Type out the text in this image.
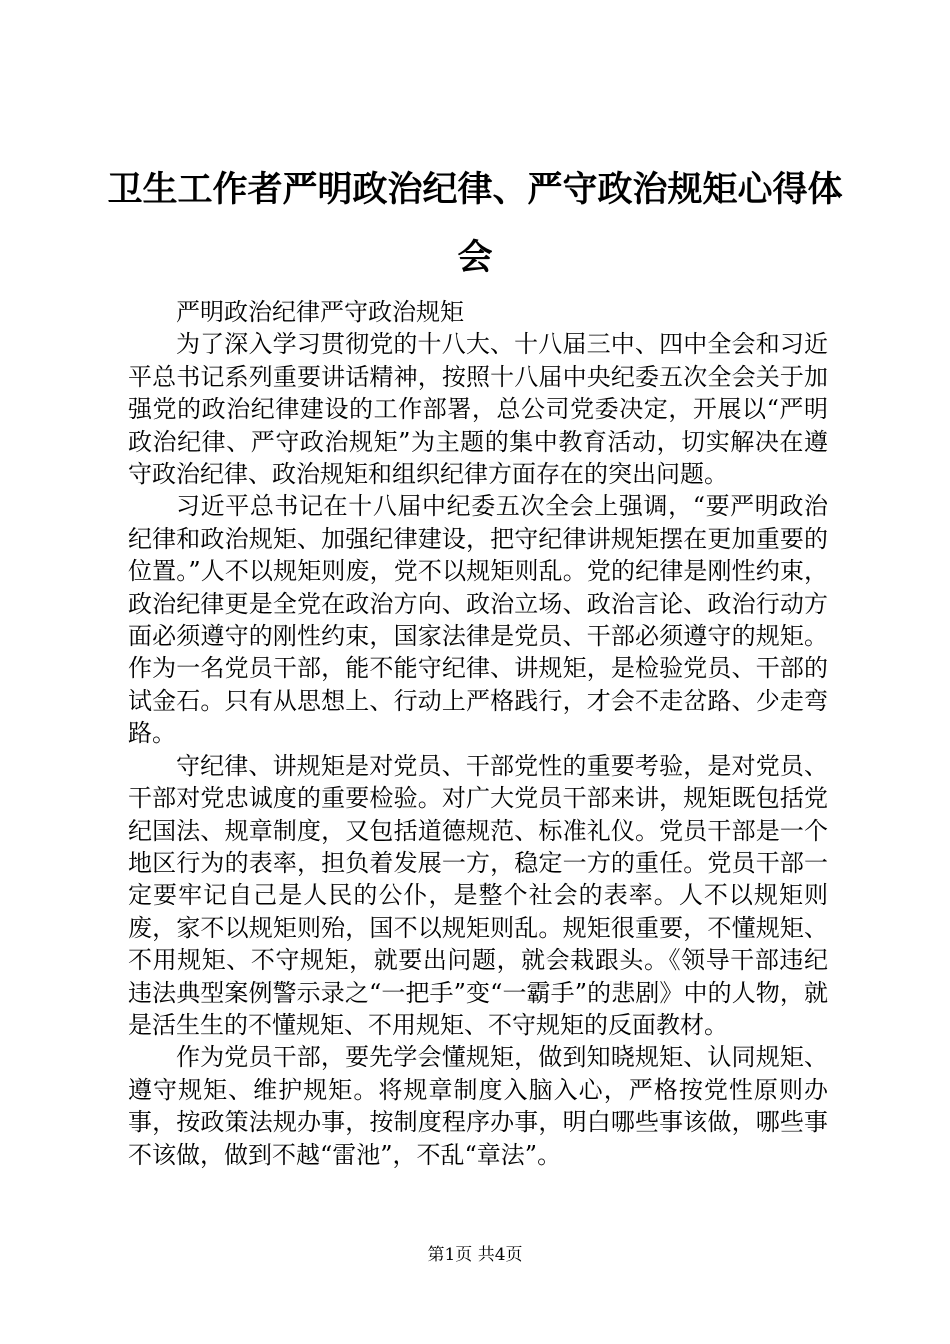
卫生工作者严明政治纪律、严守政治规矩心得体会

严明政治纪律严守政治规矩

为了深入学习贯彻党的十八大、十八届三中、四中全会和习近平总书记系列重要讲话精神，按照十八届中央纪委五次全会关于加强党的政治纪律建设的工作部署，总公司党委决定，开展以“严明政治纪律、严守政治规矩”为主题的集中教育活动，切实解决在遵守政治纪律、政治规矩和组织纪律方面存在的突出问题。

习近平总书记在十八届中纪委五次全会上强调，“要严明政治纪律和政治规矩、加强纪律建设，把守纪律讲规矩摆在更加重要的位置。”人不以规矩则废，党不以规矩则乱。党的纪律是刚性约束，政治纪律更是全党在政治方向、政治立场、政治言论、政治行动方面必须遵守的刚性约束，国家法律是党员、干部必须遵守的规矩。作为一名党员干部，能不能守纪律、讲规矩，是检验党员、干部的试金石。只有从思想上、行动上严格践行，才会不走岔路、少走弯路。

守纪律、讲规矩是对党员、干部党性的重要考验，是对党员、干部对党忠诚度的重要检验。对广大党员干部来讲，规矩既包括党纪国法、规章制度，又包括道德规范、标准礼仪。党员干部是一个地区行为的表率，担负着发展一方，稳定一方的重任。党员干部一定要牢记自己是人民的公仆，是整个社会的表率。人不以规矩则废，家不以规矩则殆，国不以规矩则乱。规矩很重要，不懂规矩、不用规矩、不守规矩，就要出问题，就会栽跟头。《领导干部违纪违法典型案例警示录之“一把手”变“一霸手”的悲剧》中的人物，就是活生生的不懂规矩、不用规矩、不守规矩的反面教材。

作为党员干部，要先学会懂规矩，做到知晓规矩、认同规矩、遵守规矩、维护规矩。将规章制度入脑入心，严格按党性原则办事，按政策法规办事，按制度程序办事，明白哪些事该做，哪些事不该做，做到不越“雷池”，不乱“章法”。

第1页 共4页
